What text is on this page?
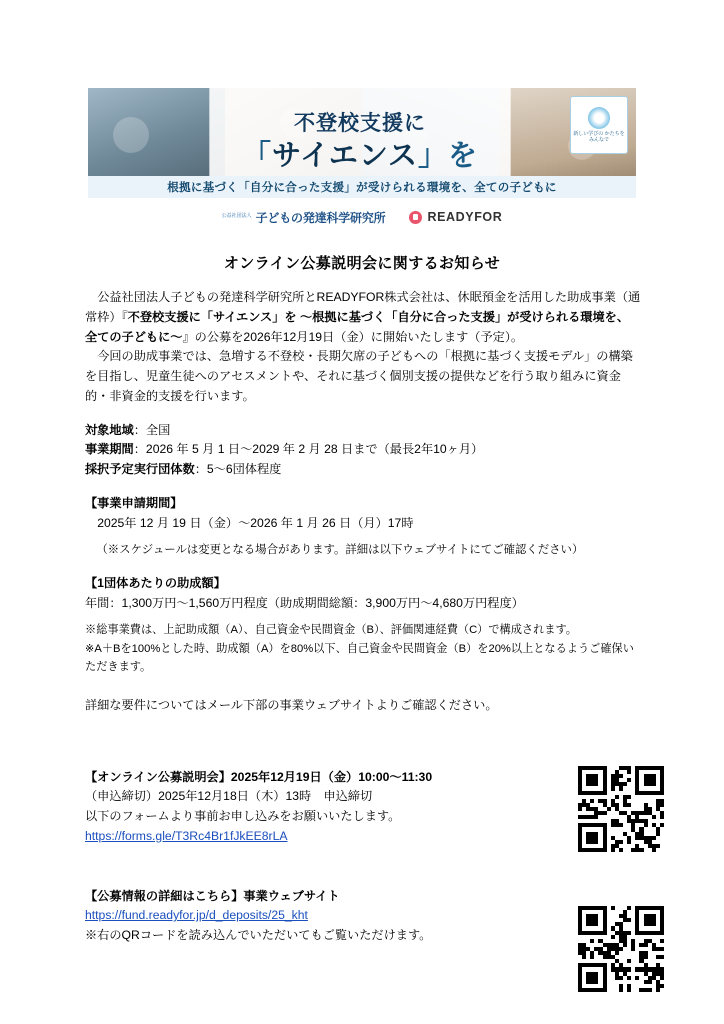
不登校支援に
「サイエンス」を
新しい学びの かたちを みんなで
根拠に基づく「自分に合った支援」が受けられる環境を、全ての子どもに
公益社団法人 子どもの発達科学研究所	READYFOR
オンライン公募説明会に関するお知らせ

公益社団法人子どもの発達科学研究所とREADYFOR株式会社は、休眠預金を活用した助成事業（通常枠）『不登校支援に「サイエンス」を 〜根拠に基づく「自分に合った支援」が受けられる環境を、全ての子どもに〜』の公募を2026年12月19日（金）に開始いたします（予定）。

今回の助成事業では、急増する不登校・長期欠席の子どもへの「根拠に基づく支援モデル」の構築を目指し、児童生徒へのアセスメントや、それに基づく個別支援の提供などを行う取り組みに資金的・非資金的支援を行います。

対象地域：全国

事業期間：2026 年 5 月 1 日〜2029 年 2 月 28 日まで（最長2年10ヶ月）

採択予定実行団体数：5〜6団体程度

【事業申請期間】

2025年 12 月 19 日（金）〜2026 年 1 月 26 日（月）17時

（※スケジュールは変更となる場合があります。詳細は以下ウェブサイトにてご確認ください）

【1団体あたりの助成額】

年間：1,300万円〜1,560万円程度（助成期間総額：3,900万円〜4,680万円程度）

※総事業費は、上記助成額（A）、自己資金や民間資金（B）、評価関連経費（C）で構成されます。

※A＋Bを100%とした時、助成額（A）を80%以下、自己資金や民間資金（B）を20%以上となるようご確保いただきます。

詳細な要件についてはメール下部の事業ウェブサイトよりご確認ください。

【オンライン公募説明会】2025年12月19日（金）10:00〜11:30

（申込締切）2025年12月18日（木）13時　申込締切

以下のフォームより事前お申し込みをお願いいたします。

https://forms.gle/T3Rc4Br1fJkEE8rLA

【公募情報の詳細はこちら】事業ウェブサイト

https://fund.readyfor.jp/d_deposits/25_kht

※右のQRコードを読み込んでいただいてもご覧いただけます。
